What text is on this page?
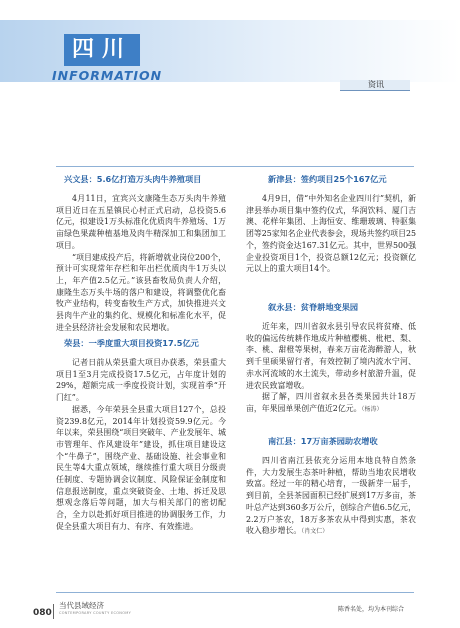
四川
INFORMATION
资讯
兴文县：5.6亿打造万头肉牛养殖项目

4月11日，宜宾兴文康隆生态万头肉牛养殖项目近日在五星镇民心村正式启动，总投资5.6亿元，拟建设1万头标准化优质肉牛养殖场、1万亩绿色果蔬种植基地及肉牛精深加工和集团加工项目。

“项目建成投产后，将新增就业岗位200个，预计可实现常年存栏和年出栏优质肉牛1万头以上，年产值2.5亿元。”该县畜牧局负责人介绍，康隆生态万头牛场的落户和建设，将调整优化畜牧产业结构，转变畜牧生产方式，加快推进兴文县肉牛产业的集约化、规模化和标准化水平，促进全县经济社会发展和农民增收。

荣县：一季度重大项目投资17.5亿元

记者日前从荣县重大项目办获悉，荣县重大项目1至3月完成投资17.5亿元，占年度计划的29%，超额完成一季度投资计划，实现首季“开门红”。

据悉，今年荣县全县重大项目127个，总投资239.8亿元，2014年计划投资59.9亿元。今年以来，荣县围绕“项目突破年、产业发展年、城市管理年、作风建设年”建设，抓住项目建设这个“牛鼻子”，围绕产业、基础设施、社会事业和民生等4大重点领域，继续推行重大项目分级责任制度、专题协调会议制度、风险保证金制度和信息报送制度，重点突破资金、土地、拆迁及思想观念落后等问题，加大与相关部门的密切配合，全力以赴抓好项目推进的协调服务工作，力促全县重大项目有力、有序、有效推进。

新津县：签约项目25个167亿元

4月9日，借“中外知名企业四川行”契机，新津县举办项目集中签约仪式，华润饮料、厦门吉澳、花样年集团、上海恒安、维珊玻璃、特驱集团等25家知名企业代表参会，现场共签约项目25个，签约资金达167.31亿元。其中，世界500强企业投资项目1个，投资总额12亿元；投资额亿元以上的重大项目14个。

叙永县：贫脊耕地变果园

近年来，四川省叙永县引导农民将贫瘠、低收的偏远传统耕作地成片种植樱桃、枇杷、梨、李、桃、甜橙等果树，春来万亩花海醉游人，秋到千里硕果留行者，有效控制了境内流水宁河、赤水河流域的水土流失，带动乡村旅游升温，促进农民致富增收。

据了解，四川省叙永县各类果园共计18万亩，年果园单果创产值近2亿元。（杨涛）

南江县：17万亩茶园助农增收

四川省南江县依充分运用本地良特自然条件，大力发展生态茶叶种植，帮助当地农民增收致富。经过一年的精心培育，一级新芽一届手，到目前，全县茶园面积已经扩展到17万多亩，茶叶总产达到360多万公斤，创综合产值6.5亿元，2.2万户茶农，18万多茶农从中得到实惠，茶农收入稳步增长。（肖文仁）

080
当代县域经济
CONTEMPORARY COUNTY ECONOMY	陈香名处，均为本刊综合
